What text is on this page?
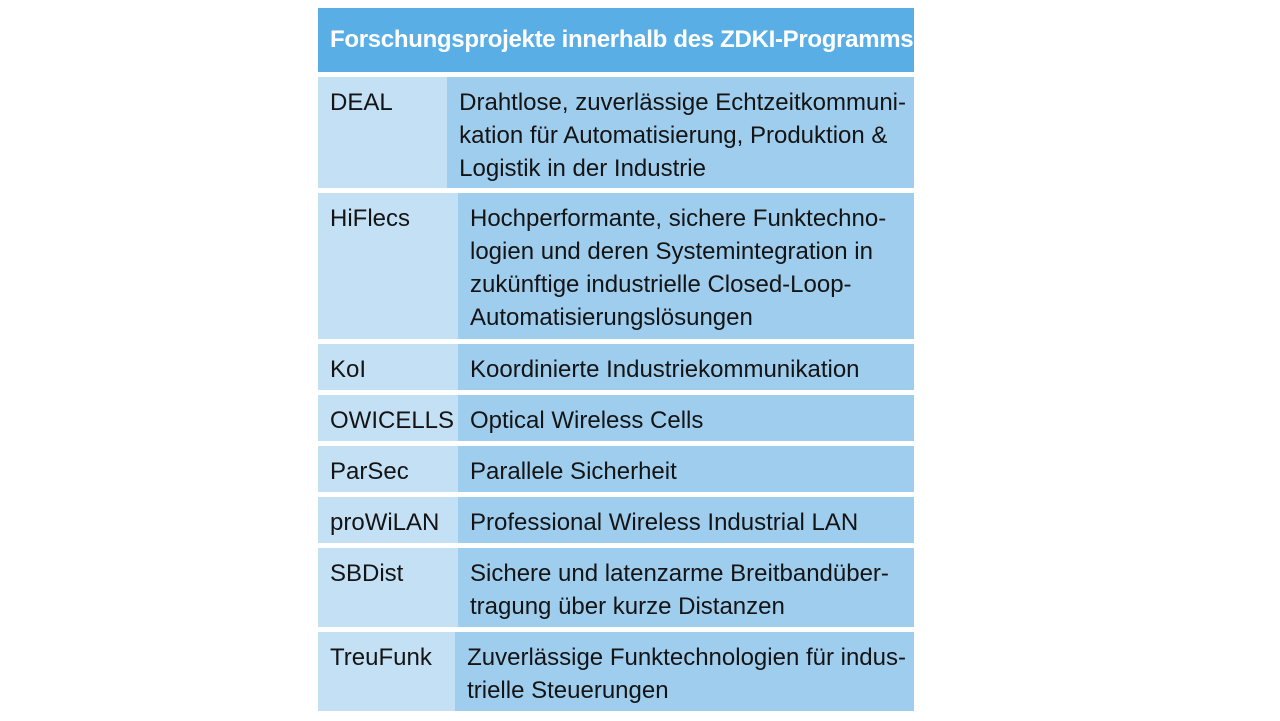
Forschungsprojekte innerhalb des ZDKI-Programms
DEAL	Drahtlose, zuverlässige Echtzeitkommuni-
kation für Automatisierung, Produktion &
Logistik in der Industrie
HiFlecs	Hochperformante, sichere Funktechno-
logien und deren Systemintegration in
zukünftige industrielle Closed-Loop-
Automatisierungslösungen
KoI	Koordinierte Industriekommunikation
OWICELLS Optical Wireless Cells
ParSec	Parallele Sicherheit
proWiLAN	Professional Wireless Industrial LAN
SBDist	Sichere und latenzarme Breitbandüber-
tragung über kurze Distanzen
TreuFunk	Zuverlässige Funktechnologien für indus-
trielle Steuerungen
